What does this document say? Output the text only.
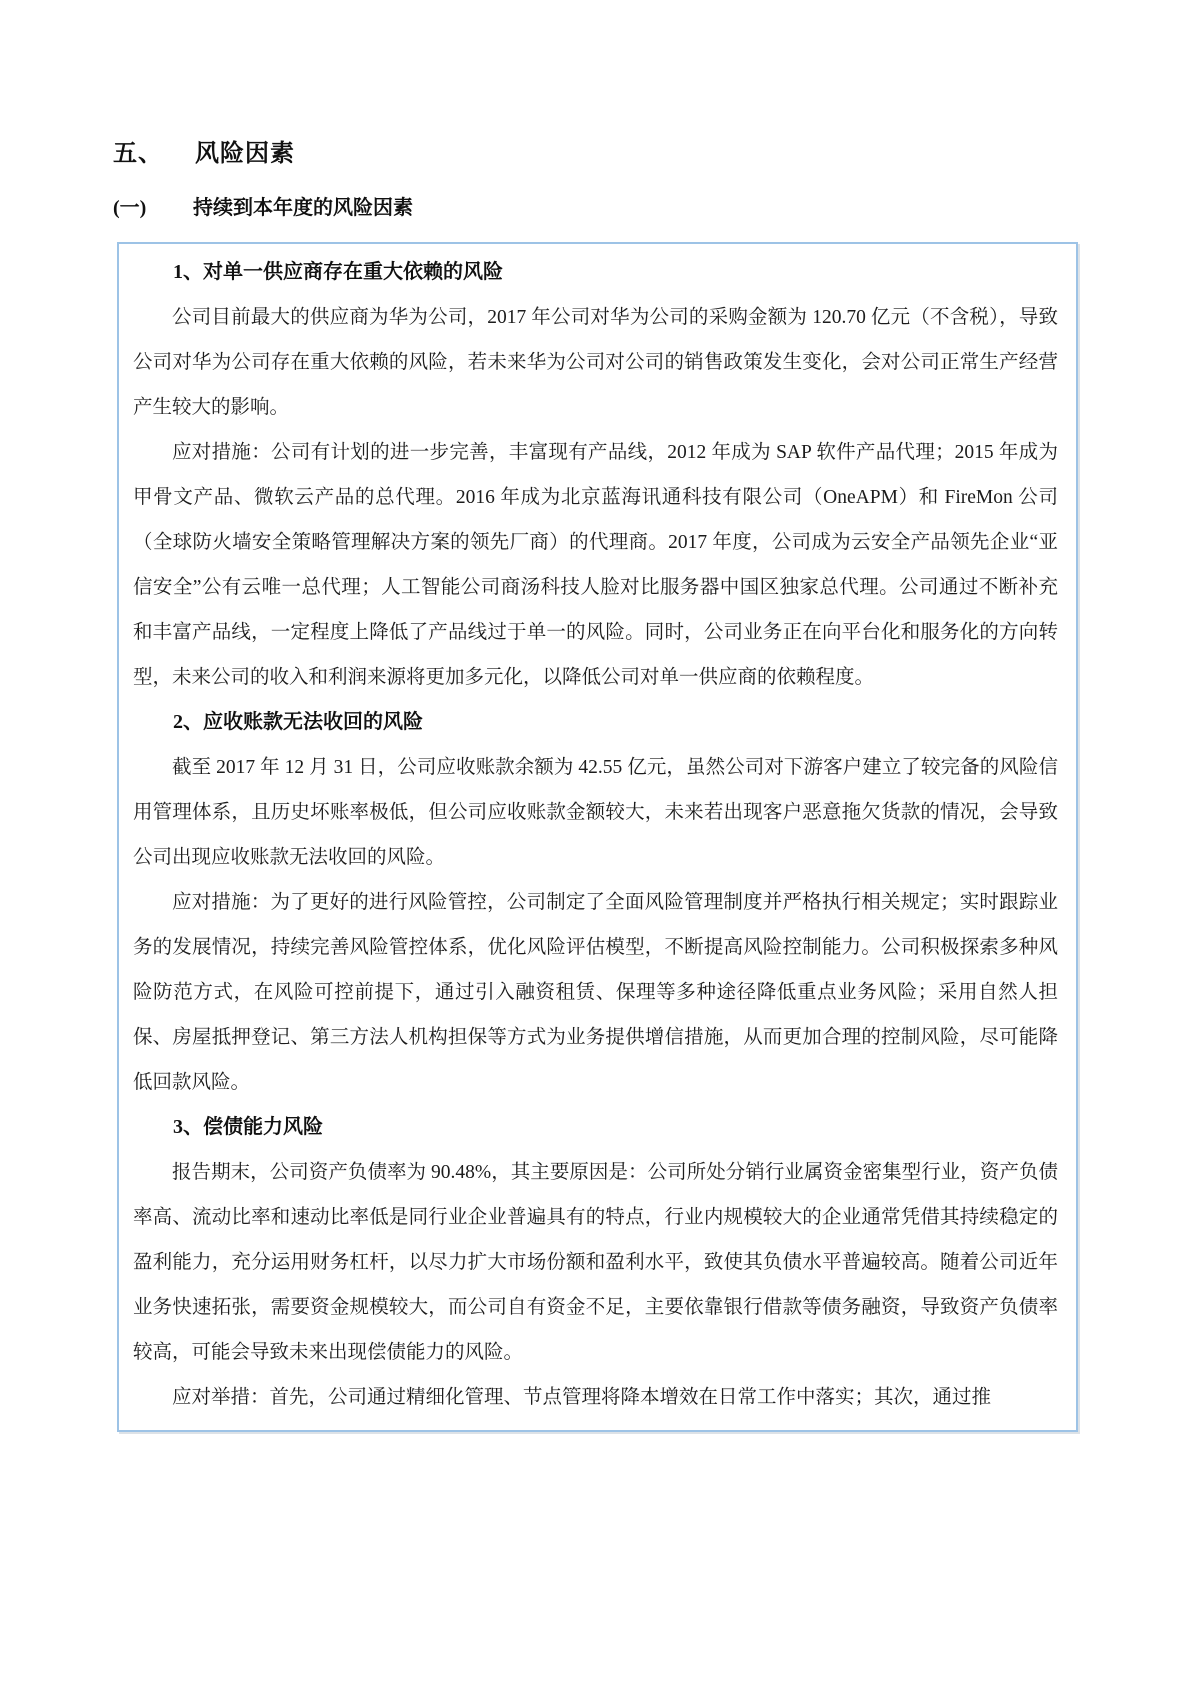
五、	风险因素
(一)	持续到本年度的风险因素
1、对单一供应商存在重大依赖的风险

公司目前最大的供应商为华为公司，2017 年公司对华为公司的采购金额为 120.70 亿元（不含税），导致公司对华为公司存在重大依赖的风险，若未来华为公司对公司的销售政策发生变化，会对公司正常生产经营产生较大的影响。

应对措施：公司有计划的进一步完善，丰富现有产品线，2012 年成为 SAP 软件产品代理；2015 年成为甲骨文产品、微软云产品的总代理。2016 年成为北京蓝海讯通科技有限公司（OneAPM）和 FireMon 公司（全球防火墙安全策略管理解决方案的领先厂商）的代理商。2017 年度，公司成为云安全产品领先企业“亚信安全”公有云唯一总代理；人工智能公司商汤科技人脸对比服务器中国区独家总代理。公司通过不断补充和丰富产品线，一定程度上降低了产品线过于单一的风险。同时，公司业务正在向平台化和服务化的方向转型，未来公司的收入和利润来源将更加多元化，以降低公司对单一供应商的依赖程度。

2、应收账款无法收回的风险

截至 2017 年 12 月 31 日，公司应收账款余额为 42.55 亿元，虽然公司对下游客户建立了较完备的风险信用管理体系，且历史坏账率极低，但公司应收账款金额较大，未来若出现客户恶意拖欠货款的情况，会导致公司出现应收账款无法收回的风险。

应对措施：为了更好的进行风险管控，公司制定了全面风险管理制度并严格执行相关规定；实时跟踪业务的发展情况，持续完善风险管控体系，优化风险评估模型，不断提高风险控制能力。公司积极探索多种风险防范方式，在风险可控前提下，通过引入融资租赁、保理等多种途径降低重点业务风险；采用自然人担保、房屋抵押登记、第三方法人机构担保等方式为业务提供增信措施，从而更加合理的控制风险，尽可能降低回款风险。

3、偿债能力风险

报告期末，公司资产负债率为 90.48%，其主要原因是：公司所处分销行业属资金密集型行业，资产负债率高、流动比率和速动比率低是同行业企业普遍具有的特点，行业内规模较大的企业通常凭借其持续稳定的盈利能力，充分运用财务杠杆，以尽力扩大市场份额和盈利水平，致使其负债水平普遍较高。随着公司近年业务快速拓张，需要资金规模较大，而公司自有资金不足，主要依靠银行借款等债务融资，导致资产负债率较高，可能会导致未来出现偿债能力的风险。

应对举措：首先，公司通过精细化管理、节点管理将降本增效在日常工作中落实；其次，通过推
